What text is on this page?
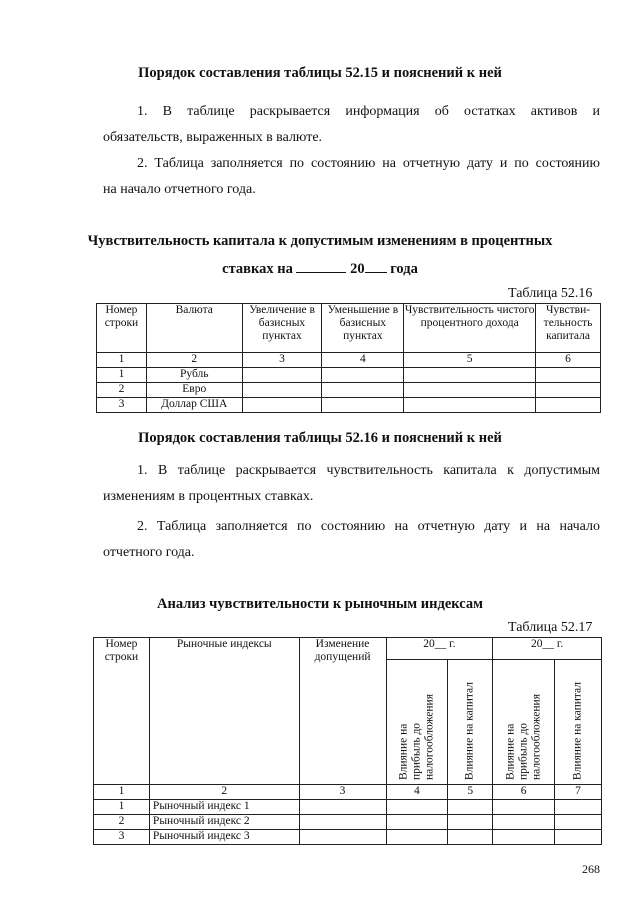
Порядок составления таблицы 52.15 и пояснений к ней
1. В таблице раскрывается информация об остатках активов и
обязательств, выраженных в валюте.
2. Таблица заполняется по состоянию на отчетную дату и по состоянию
на начало отчетного года.
Чувствительность капитала к допустимым изменениям в процентных
ставках на	20 года
Таблица 52.16
Номер строки	Валюта	Увеличение в базисных пунктах	Уменьшение в базисных пунктах	Чувствительность чистого процентного дохода	Чувстви-тельность капитала
1	2	3	4	5	6
1	Рубль				
2	Евро				
3	Доллар США				
Порядок составления таблицы 52.16 и пояснений к ней
1. В таблице раскрывается чувствительность капитала к допустимым
изменениям в процентных ставках.
2. Таблица заполняется по состоянию на отчетную дату и на начало
отчетного года.
Анализ чувствительности к рыночным индексам
Таблица 52.17
Номер строки	Рыночные индексы	Изменение допущений	20__ г.		20__ г.	

			Влияние на
прибыль до
налогообложения	Влияние на капитал	Влияние на
прибыль до
налогообложения	Влияние на капитал

1	2	3	4	5	6	7
1	Рыночный индекс 1					
2	Рыночный индекс 2					
3	Рыночный индекс 3					
268
